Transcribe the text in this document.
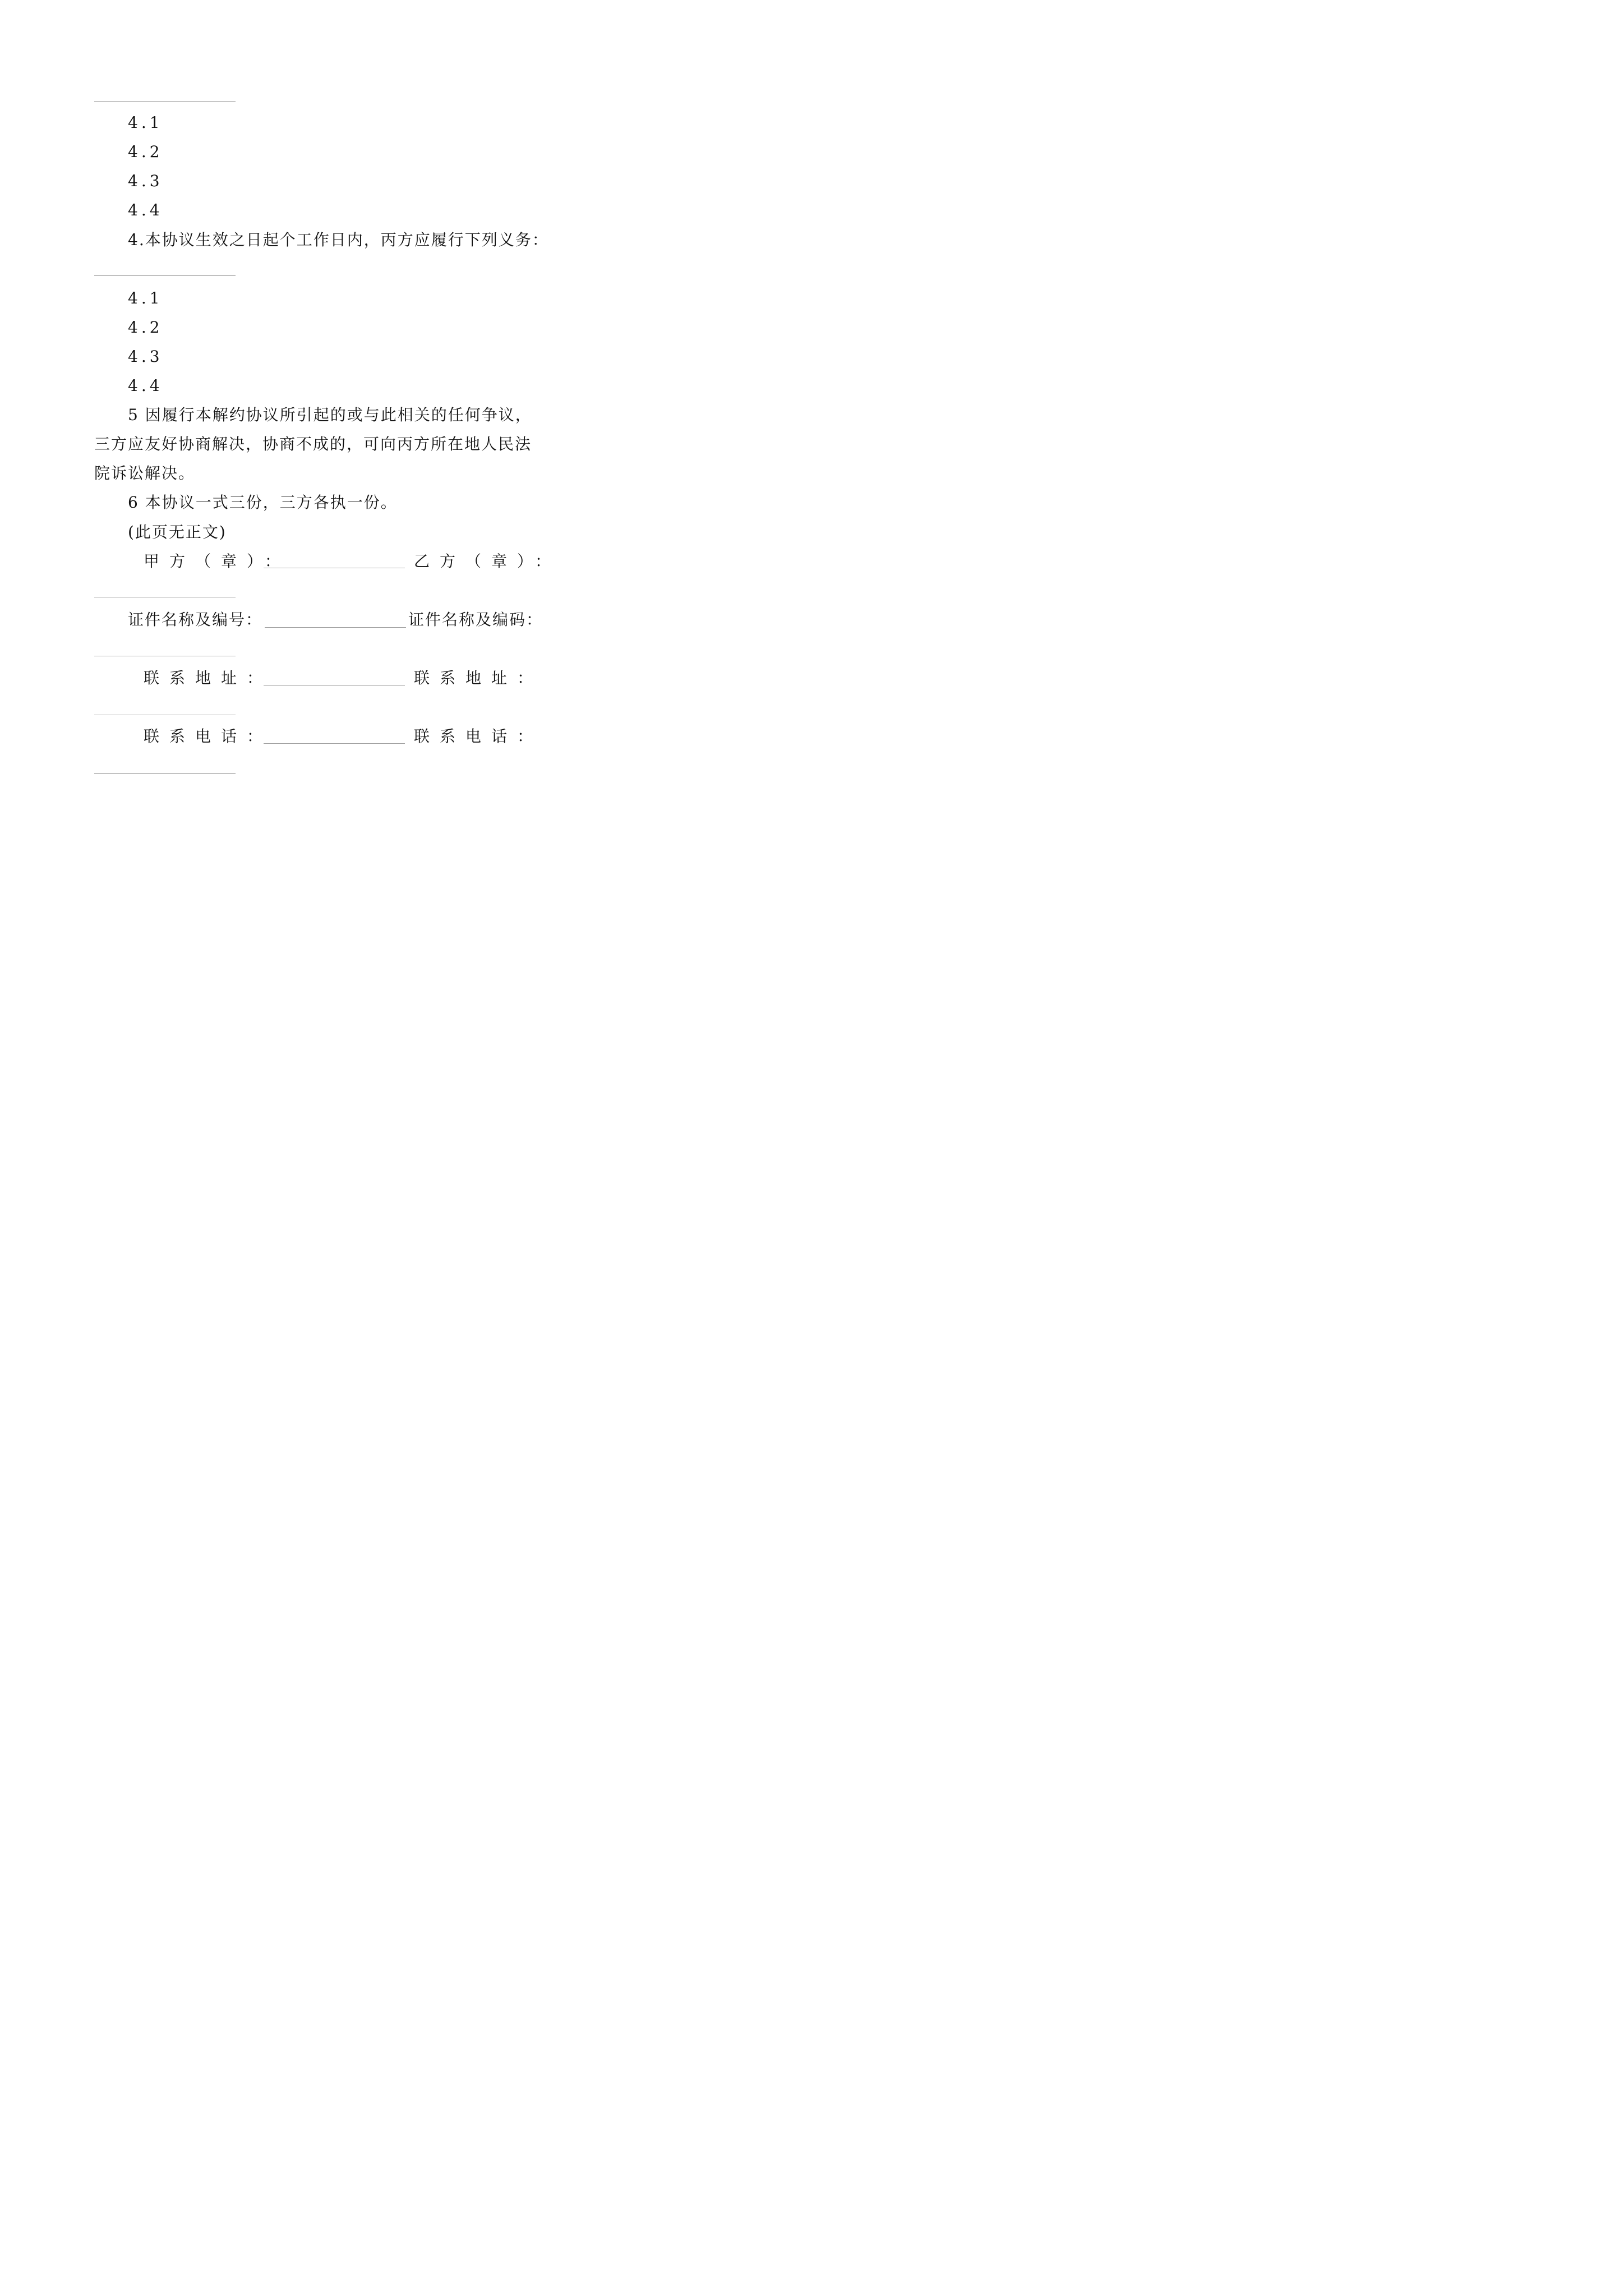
4.1
4.2
4.3
4.4
4.本协议生效之日起个工作日内，丙方应履行下列义务：
4.1
4.2
4.3
4.4
5 因履行本解约协议所引起的或与此相关的任何争议，
三方应友好协商解决，协商不成的，可向丙方所在地人民法
院诉讼解决。
6 本协议一式三份，三方各执一份。
(此页无正文)
甲方（章）：	乙方（章）：
证件名称及编号：	证件名称及编码：
联系地址：	联系地址：
联系电话：	联系电话：
